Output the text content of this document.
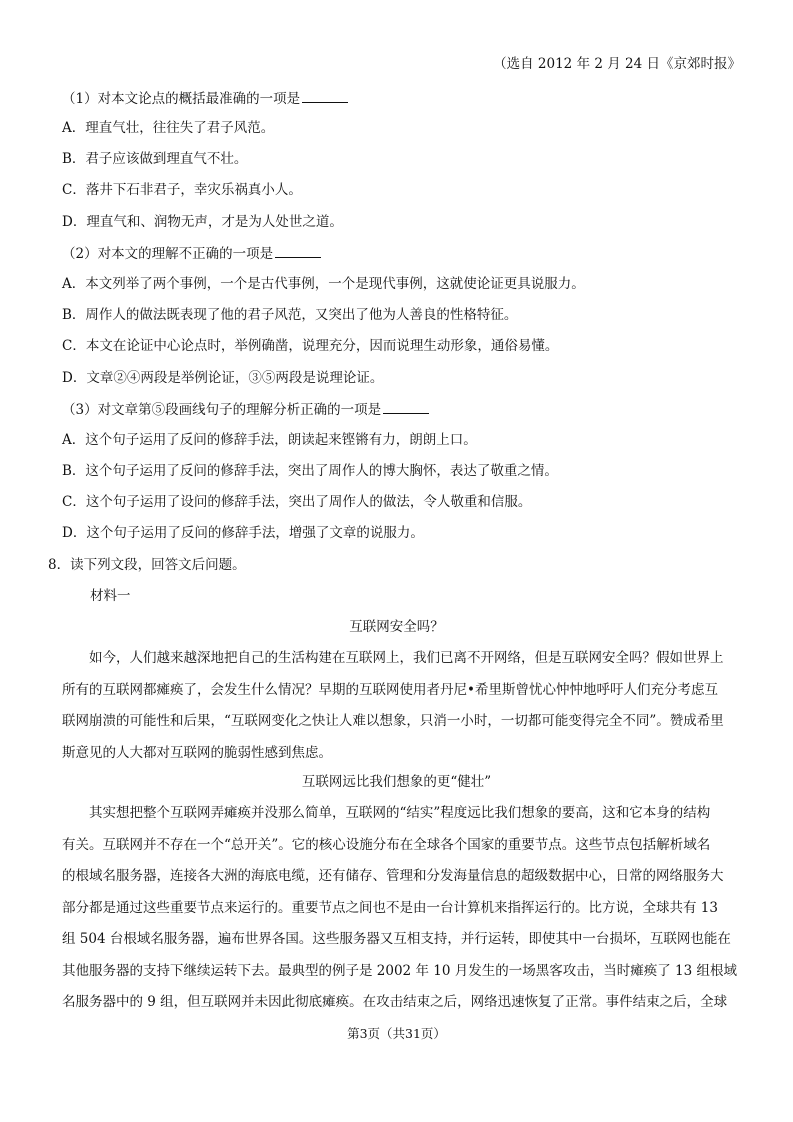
（选自 2012 年 2 月 24 日《京郊时报》
（1）对本文论点的概括最准确的一项是
A．理直气壮，往往失了君子风范。
B．君子应该做到理直气不壮。
C．落井下石非君子，幸灾乐祸真小人。
D．理直气和、润物无声，才是为人处世之道。
（2）对本文的理解不正确的一项是
A．本文列举了两个事例，一个是古代事例，一个是现代事例，这就使论证更具说服力。
B．周作人的做法既表现了他的君子风范，又突出了他为人善良的性格特征。
C．本文在论证中心论点时，举例确凿，说理充分，因而说理生动形象，通俗易懂。
D．文章②④两段是举例论证，③⑤两段是说理论证。
（3）对文章第⑤段画线句子的理解分析正确的一项是
A．这个句子运用了反问的修辞手法，朗读起来铿锵有力，朗朗上口。
B．这个句子运用了反问的修辞手法，突出了周作人的博大胸怀，表达了敬重之情。
C．这个句子运用了设问的修辞手法，突出了周作人的做法，令人敬重和信服。
D．这个句子运用了反问的修辞手法，增强了文章的说服力。
8．读下列文段，回答文后问题。
材料一
互联网安全吗？
如今，人们越来越深地把自己的生活构建在互联网上，我们已离不开网络，但是互联网安全吗？假如世界上
所有的互联网都瘫痪了，会发生什么情况？早期的互联网使用者丹尼•希里斯曾忧心忡忡地呼吁人们充分考虑互
联网崩溃的可能性和后果，“互联网变化之快让人难以想象，只消一小时，一切都可能变得完全不同”。赞成希里
斯意见的人大都对互联网的脆弱性感到焦虑。
互联网远比我们想象的更“健壮”
其实想把整个互联网弄瘫痪并没那么简单，互联网的“结实”程度远比我们想象的要高，这和它本身的结构
有关。互联网并不存在一个“总开关”。它的核心设施分布在全球各个国家的重要节点。这些节点包括解析域名
的根域名服务器，连接各大洲的海底电缆，还有储存、管理和分发海量信息的超级数据中心，日常的网络服务大
部分都是通过这些重要节点来运行的。重要节点之间也不是由一台计算机来指挥运行的。比方说，全球共有 13
组 504 台根域名服务器，遍布世界各国。这些服务器又互相支持，并行运转，即使其中一台损坏，互联网也能在
其他服务器的支持下继续运转下去。最典型的例子是 2002 年 10 月发生的一场黑客攻击，当时瘫痪了 13 组根域
名服务器中的 9 组，但互联网并未因此彻底瘫痪。在攻击结束之后，网络迅速恢复了正常。事件结束之后，全球
第3页（共31页）
